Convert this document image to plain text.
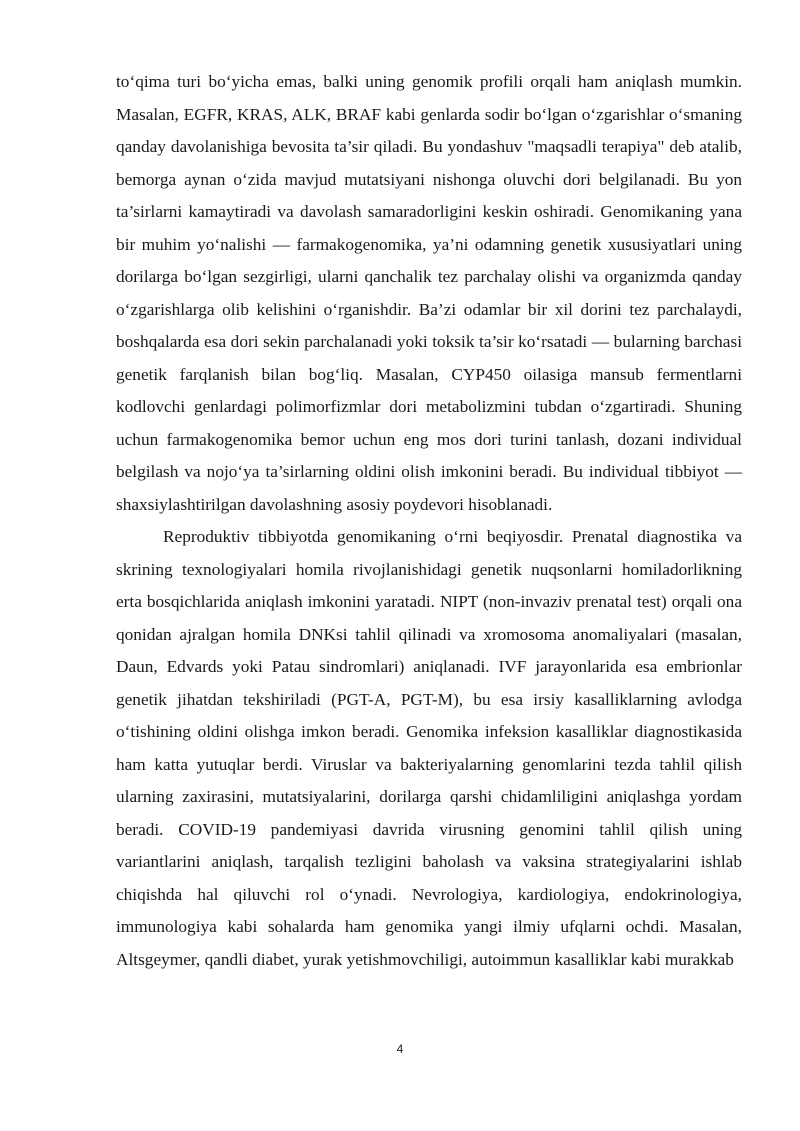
to‘qima turi bo‘yicha emas, balki uning genomik profili orqali ham aniqlash mumkin. Masalan, EGFR, KRAS, ALK, BRAF kabi genlarda sodir bo‘lgan o‘zgarishlar o‘smaning qanday davolanishiga bevosita ta’sir qiladi. Bu yondashuv "maqsadli terapiya" deb atalib, bemorga aynan o‘zida mavjud mutatsiyani nishonga oluvchi dori belgilanadi. Bu yon ta’sirlarni kamaytiradi va davolash samaradorligini keskin oshiradi. Genomikaning yana bir muhim yo‘nalishi — farmakogenomika, ya’ni odamning genetik xususiyatlari uning dorilarga bo‘lgan sezgirligi, ularni qanchalik tez parchalay olishi va organizmda qanday o‘zgarishlarga olib kelishini o‘rganishdir. Ba’zi odamlar bir xil dorini tez parchalaydi, boshqalarda esa dori sekin parchalanadi yoki toksik ta’sir ko‘rsatadi — bularning barchasi genetik farqlanish bilan bog‘liq. Masalan, CYP450 oilasiga mansub fermentlarni kodlovchi genlardagi polimorfizmlar dori metabolizmini tubdan o‘zgartiradi. Shuning uchun farmakogenomika bemor uchun eng mos dori turini tanlash, dozani individual belgilash va nojo‘ya ta’sirlarning oldini olish imkonini beradi. Bu individual tibbiyot — shaxsiylashtirilgan davolashning asosiy poydevori hisoblanadi.

Reproduktiv tibbiyotda genomikaning o‘rni beqiyosdir. Prenatal diagnostika va skrining texnologiyalari homila rivojlanishidagi genetik nuqsonlarni homiladorlikning erta bosqichlarida aniqlash imkonini yaratadi. NIPT (non-invaziv prenatal test) orqali ona qonidan ajralgan homila DNKsi tahlil qilinadi va xromosoma anomaliyalari (masalan, Daun, Edvards yoki Patau sindromlari) aniqlanadi. IVF jarayonlarida esa embrionlar genetik jihatdan tekshiriladi (PGT-A, PGT-M), bu esa irsiy kasalliklarning avlodga o‘tishining oldini olishga imkon beradi. Genomika infeksion kasalliklar diagnostikasida ham katta yutuqlar berdi. Viruslar va bakteriyalarning genomlarini tezda tahlil qilish ularning zaxirasini, mutatsiyalarini, dorilarga qarshi chidamliligini aniqlashga yordam beradi. COVID-19 pandemiyasi davrida virusning genomini tahlil qilish uning variantlarini aniqlash, tarqalish tezligini baholash va vaksina strategiyalarini ishlab chiqishda hal qiluvchi rol o‘ynadi. Nevrologiya, kardiologiya, endokrinologiya, immunologiya kabi sohalarda ham genomika yangi ilmiy ufqlarni ochdi. Masalan, Altsgeymer, qandli diabet, yurak yetishmovchiligi, autoimmun kasalliklar kabi murakkab

4
